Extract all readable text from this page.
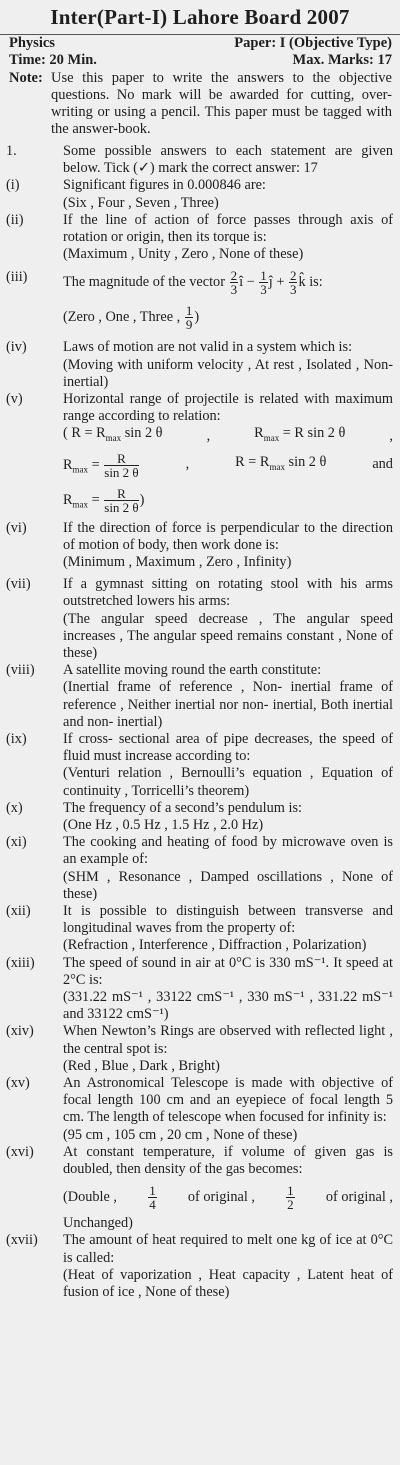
Inter(Part-I) Lahore Board 2007
Physics	Paper: I (Objective Type)
Time: 20 Min.	Max. Marks: 17
Note: Use this paper to write the answers to the objective questions. No mark will be awarded for cutting, over-writing or using a pencil. This paper must be tagged with the answer-book.
1.	Some possible answers to each statement are given below. Tick (✓) mark the correct answer: 17
(i)	Significant figures in 0.000846 are:
(Six , Four , Seven , Three)
(ii)	If the line of action of force passes through axis of rotation or origin, then its torque is:
(Maximum , Unity , Zero , None of these)
(iii)	The magnitude of the vector $\frac{2}{3}$ î − $\frac{1}{3}$ ĵ + $\frac{2}{3}$ k̂ is:
(Zero , One , Three , $\frac{1}{9}$ )
(iv)	Laws of motion are not valid in a system which is:
(Moving with uniform velocity , At rest , Isolated , Non-inertial)
(v)	Horizontal range of projectile is related with maximum range according to relation:
( $R = R_{max}$ sin 2 θ	,	$R_{max} = R$ sin 2 θ	,
$R_{max} = \frac{R}{\sin 2 \theta}$	,	$R = R_{max}$ sin 2 θ	and
$R_{max} = \frac{R}{\sin 2 \theta}$ )
(vi)	If the direction of force is perpendicular to the direction of motion of body, then work done is:
(Minimum , Maximum , Zero , Infinity)
(vii)	If a gymnast sitting on rotating stool with his arms outstretched lowers his arms:
(The angular speed decrease , The angular speed increases , The angular speed remains constant , None of these)
(viii)	A satellite moving round the earth constitute:
(Inertial frame of reference , Non- inertial frame of reference , Neither inertial nor non- inertial, Both inertial and non- inertial)
(ix)	If cross- sectional area of pipe decreases, the speed of fluid must increase according to:
(Venturi relation , Bernoulli’s equation , Equation of continuity , Torricelli’s theorem)
(x)	The frequency of a second’s pendulum is:
(One Hz , 0.5 Hz , 1.5 Hz , 2.0 Hz)
(xi)	The cooking and heating of food by microwave oven is an example of:
(SHM , Resonance , Damped oscillations , None of these)
(xii)	It is possible to distinguish between transverse and longitudinal waves from the property of:
(Refraction , Interference , Diffraction , Polarization)
(xiii)	The speed of sound in air at 0°C is 330 mS⁻¹. It speed at 2°C is:
(331.22 mS⁻¹ , 33122 cmS⁻¹ , 330 mS⁻¹ , 331.22 mS⁻¹ and 33122 cmS⁻¹)
(xiv)	When Newton’s Rings are observed with reflected light , the central spot is:
(Red , Blue , Dark , Bright)
(xv)	An Astronomical Telescope is made with objective of focal length 100 cm and an eyepiece of focal length 5 cm. The length of telescope when focused for infinity is:
(95 cm , 105 cm , 20 cm , None of these)
(xvi)	At constant temperature, if volume of given gas is doubled, then density of the gas becomes:
(Double , $\frac{1}{4}$ of original , $\frac{1}{2}$ of original ,
Unchanged)
(xvii)	The amount of heat required to melt one kg of ice at 0°C is called:
(Heat of vaporization , Heat capacity , Latent heat of fusion of ice , None of these)
